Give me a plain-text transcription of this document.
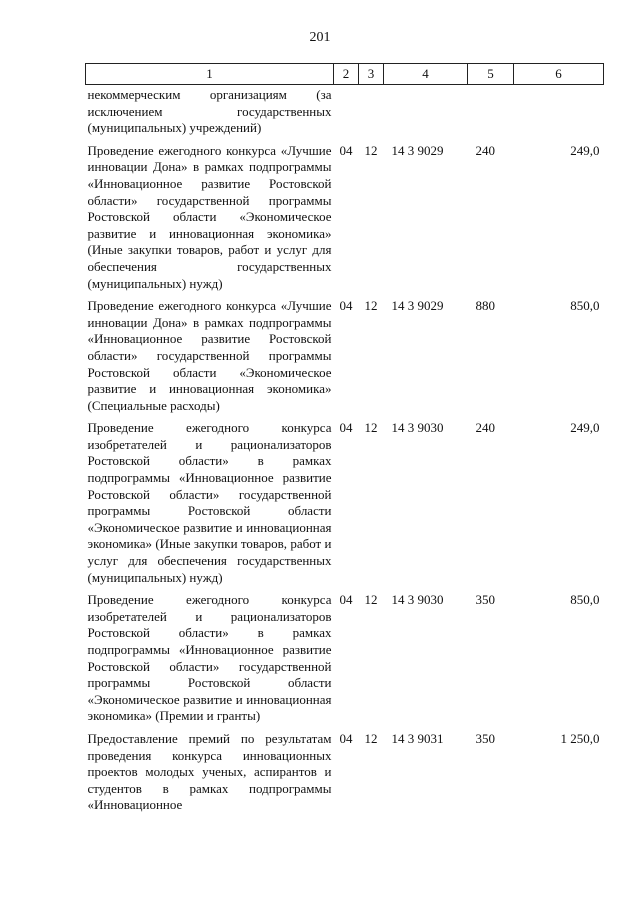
201
1	2	3	4	5	6
некоммерческим организациям (за исключением государственных (муниципальных) учреждений)					
Проведение ежегодного конкурса «Лучшие инновации Дона» в рамках подпрограммы «Инновационное развитие Ростовской области» государственной программы Ростовской области «Экономическое развитие и инновационная экономика» (Иные закупки товаров, работ и услуг для обеспечения государственных (муниципальных) нужд)	04	12	14 3 9029	240	249,0
Проведение ежегодного конкурса «Лучшие инновации Дона» в рамках подпрограммы «Инновационное развитие Ростовской области» государственной программы Ростовской области «Экономическое развитие и инновационная экономика» (Специальные расходы)	04	12	14 3 9029	880	850,0
Проведение ежегодного конкурса изобретателей и рационализаторов Ростовской области» в рамках подпрограммы «Инновационное развитие Ростовской области» государственной программы Ростовской области «Экономическое развитие и инновационная экономика» (Иные закупки товаров, работ и услуг для обеспечения государственных (муниципальных) нужд)	04	12	14 3 9030	240	249,0
Проведение ежегодного конкурса изобретателей и рационализаторов Ростовской области» в рамках подпрограммы «Инновационное развитие Ростовской области» государственной программы Ростовской области «Экономическое развитие и инновационная экономика» (Премии и гранты)	04	12	14 3 9030	350	850,0
Предоставление премий по результатам проведения конкурса инновационных проектов молодых ученых, аспирантов и студентов в рамках подпрограммы «Инновационное	04	12	14 3 9031	350	1 250,0
